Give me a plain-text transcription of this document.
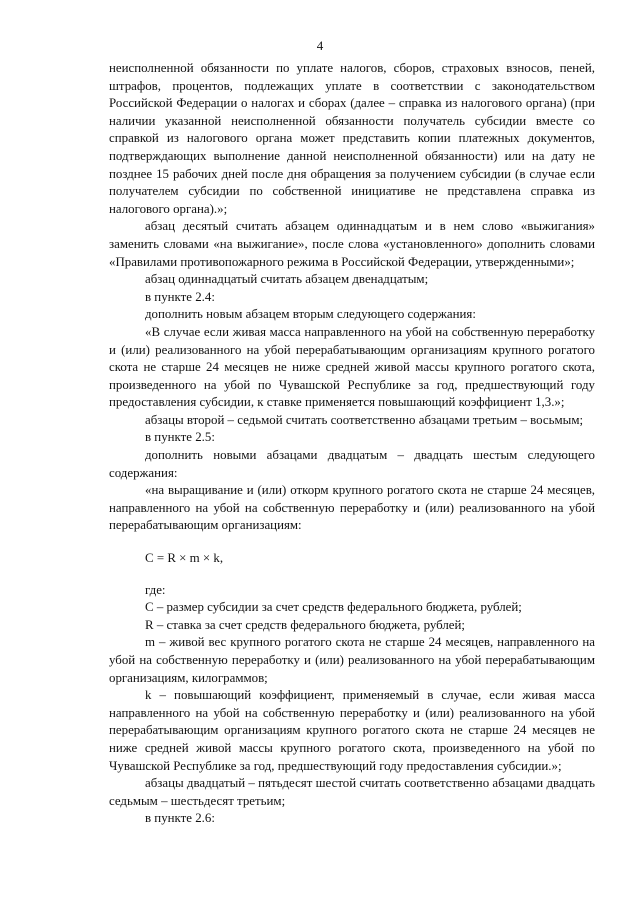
4

неисполненной обязанности по уплате налогов, сборов, страховых взносов, пеней, штрафов, процентов, подлежащих уплате в соответствии с законодательством Российской Федерации о налогах и сборах (далее – справка из налогового органа) (при наличии указанной неисполненной обязанности получатель субсидии вместе со справкой из налогового органа может представить копии платежных документов, подтверждающих выполнение данной неисполненной обязанности) или на дату не позднее 15 рабочих дней после дня обращения за получением субсидии (в случае если получателем субсидии по собственной инициативе не представлена справка из налогового органа).»;

абзац десятый считать абзацем одиннадцатым и в нем слово «выжигания» заменить словами «на выжигание», после слова «установленного» дополнить словами «Правилами противопожарного режима в Российской Федерации, утвержденными»;

абзац одиннадцатый считать абзацем двенадцатым;

в пункте 2.4:

дополнить новым абзацем вторым следующего содержания:

«В случае если живая масса направленного на убой на собственную переработку и (или) реализованного на убой перерабатывающим организациям крупного рогатого скота не старше 24 месяцев не ниже средней живой массы крупного рогатого скота, произведенного на убой по Чувашской Республике за год, предшествующий году предоставления субсидии, к ставке применяется повышающий коэффициент 1,3.»;

абзацы второй – седьмой считать соответственно абзацами третьим – восьмым;

в пункте 2.5:

дополнить новыми абзацами двадцатым – двадцать шестым следующего содержания:

«на выращивание и (или) откорм крупного рогатого скота не старше 24 месяцев, направленного на убой на собственную переработку и (или) реализованного на убой перерабатывающим организациям:

C = R × m × k,

где:

C – размер субсидии за счет средств федерального бюджета, рублей;

R – ставка за счет средств федерального бюджета, рублей;

m – живой вес крупного рогатого скота не старше 24 месяцев, направленного на убой на собственную переработку и (или) реализованного на убой перерабатывающим организациям, килограммов;

k – повышающий коэффициент, применяемый в случае, если живая масса направленного на убой на собственную переработку и (или) реализованного на убой перерабатывающим организациям крупного рогатого скота не старше 24 месяцев не ниже средней живой массы крупного рогатого скота, произведенного на убой по Чувашской Республике за год, предшествующий году предоставления субсидии.»;

абзацы двадцатый – пятьдесят шестой считать соответственно абзацами двадцать седьмым – шестьдесят третьим;

в пункте 2.6:
